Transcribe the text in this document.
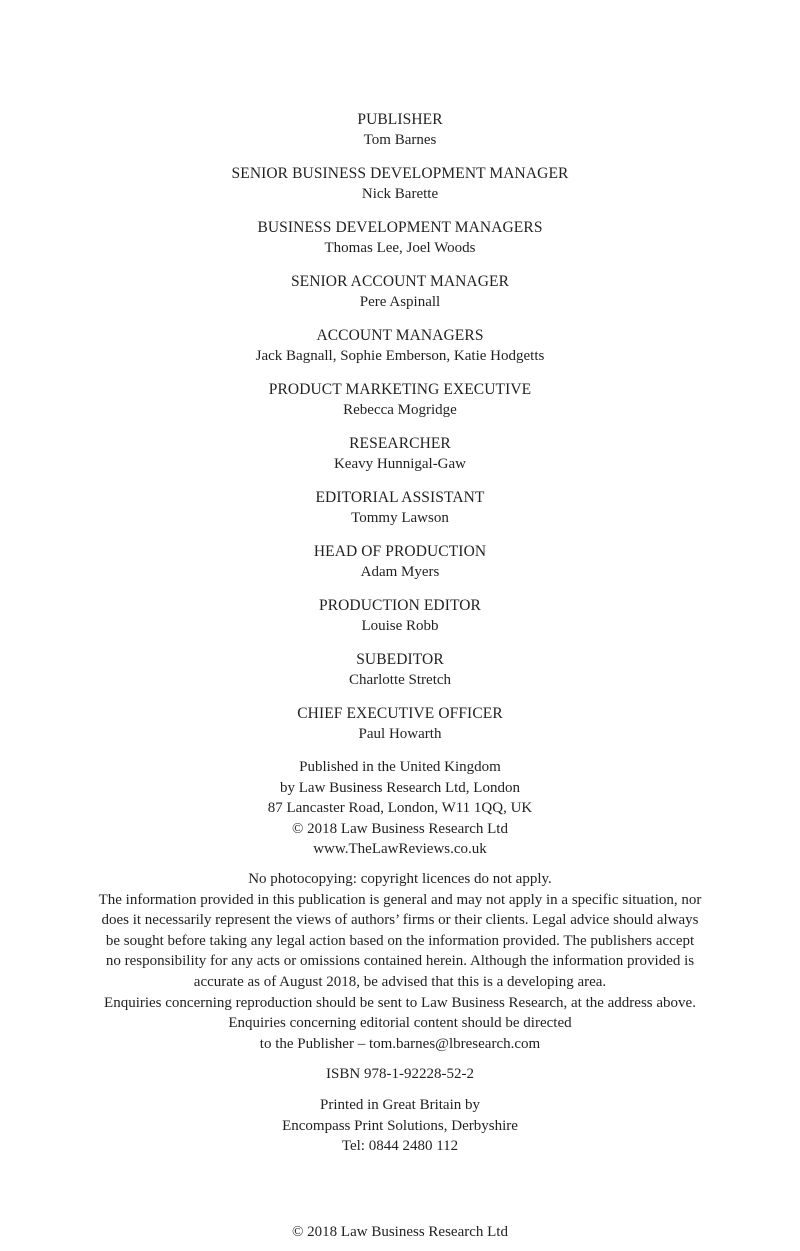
PUBLISHER
Tom Barnes
SENIOR BUSINESS DEVELOPMENT MANAGER
Nick Barette
BUSINESS DEVELOPMENT MANAGERS
Thomas Lee, Joel Woods
SENIOR ACCOUNT MANAGER
Pere Aspinall
ACCOUNT MANAGERS
Jack Bagnall, Sophie Emberson, Katie Hodgetts
PRODUCT MARKETING EXECUTIVE
Rebecca Mogridge
RESEARCHER
Keavy Hunnigal-Gaw
EDITORIAL ASSISTANT
Tommy Lawson
HEAD OF PRODUCTION
Adam Myers
PRODUCTION EDITOR
Louise Robb
SUBEDITOR
Charlotte Stretch
CHIEF EXECUTIVE OFFICER
Paul Howarth
Published in the United Kingdom
by Law Business Research Ltd, London
87 Lancaster Road, London, W11 1QQ, UK
© 2018 Law Business Research Ltd
www.TheLawReviews.co.uk
No photocopying: copyright licences do not apply.
The information provided in this publication is general and may not apply in a specific situation, nor
does it necessarily represent the views of authors’ firms or their clients. Legal advice should always
be sought before taking any legal action based on the information provided. The publishers accept
no responsibility for any acts or omissions contained herein. Although the information provided is
accurate as of August 2018, be advised that this is a developing area.
Enquiries concerning reproduction should be sent to Law Business Research, at the address above.
Enquiries concerning editorial content should be directed
to the Publisher – tom.barnes@lbresearch.com
ISBN 978-1-92228-52-2
Printed in Great Britain by
Encompass Print Solutions, Derbyshire
Tel: 0844 2480 112
© 2018 Law Business Research Ltd
